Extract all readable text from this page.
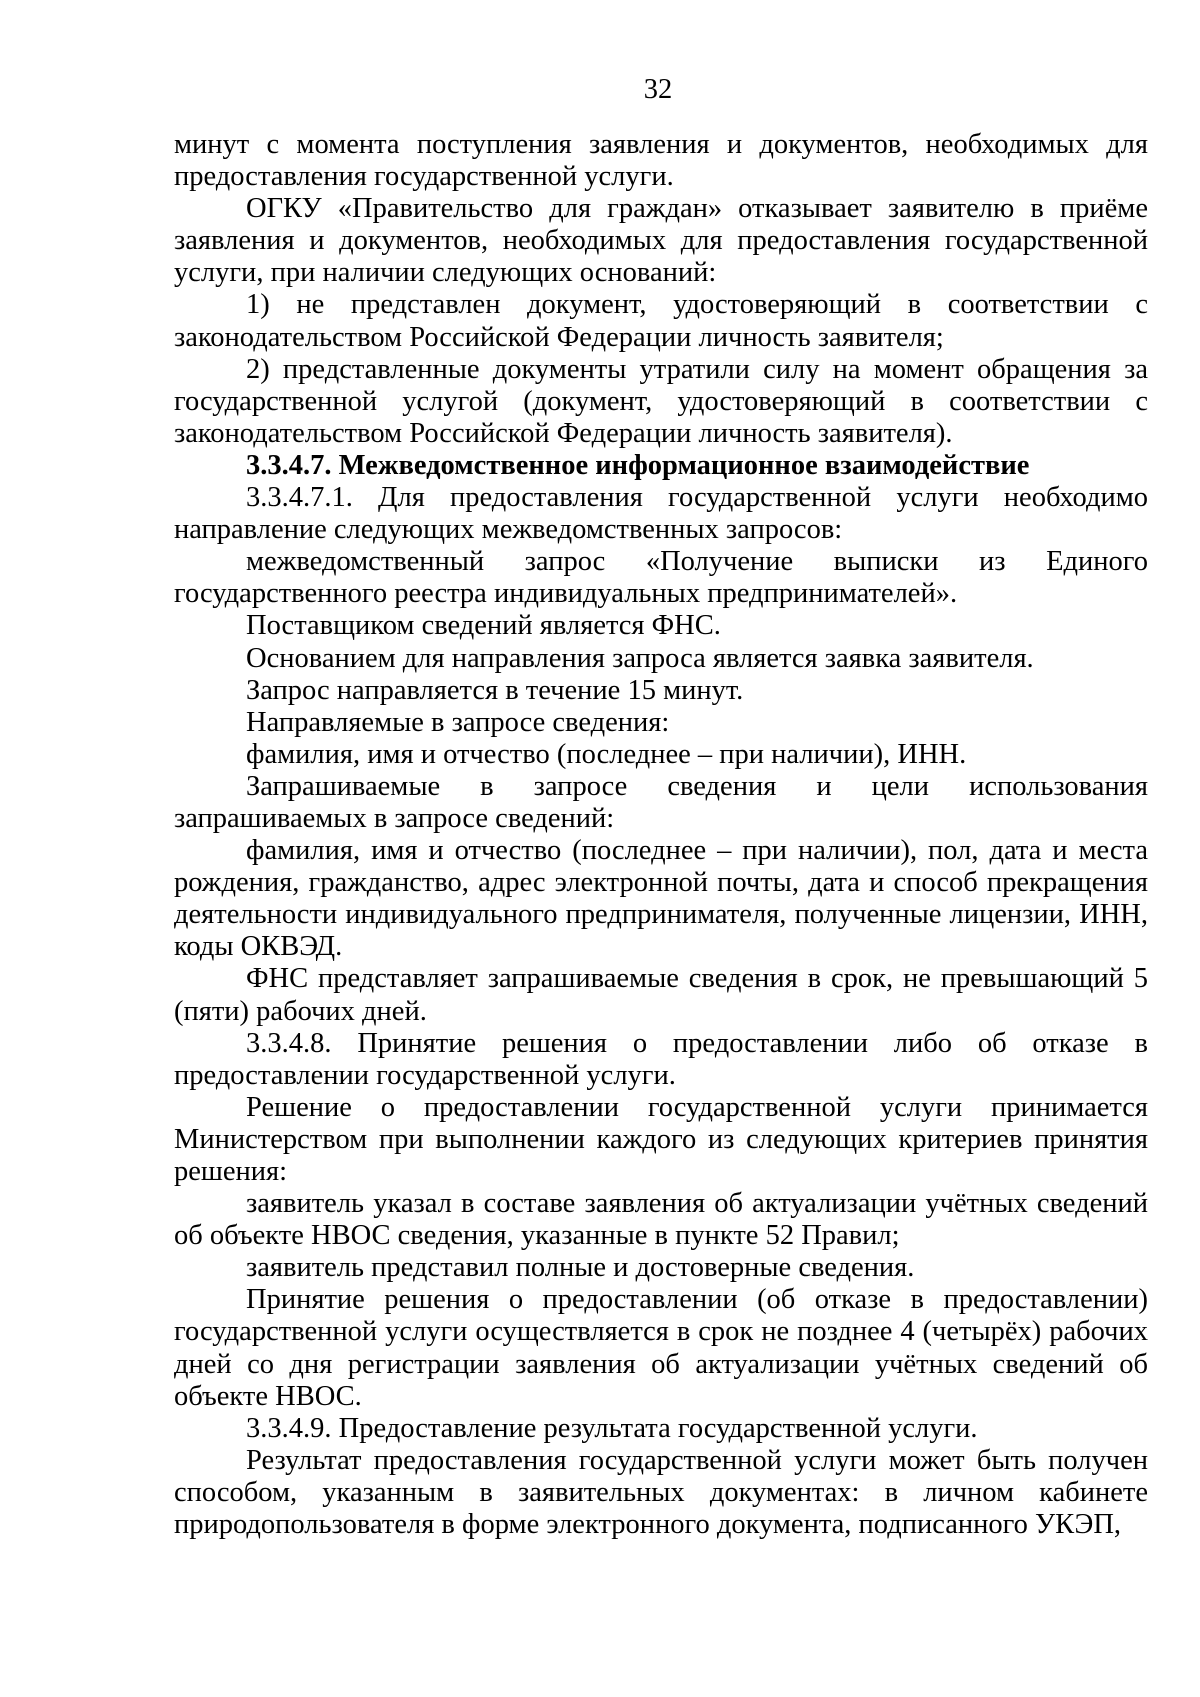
32

минут с момента поступления заявления и документов, необходимых для предоставления государственной услуги.

ОГКУ «Правительство для граждан» отказывает заявителю в приёме заявления и документов, необходимых для предоставления государственной услуги, при наличии следующих оснований:

1) не представлен документ, удостоверяющий в соответствии с законодательством Российской Федерации личность заявителя;

2) представленные документы утратили силу на момент обращения за государственной услугой (документ, удостоверяющий в соответствии с законодательством Российской Федерации личность заявителя).

3.3.4.7. Межведомственное информационное взаимодействие

3.3.4.7.1. Для предоставления государственной услуги необходимо направление следующих межведомственных запросов:

межведомственный запрос «Получение выписки из Единого государственного реестра индивидуальных предпринимателей».

Поставщиком сведений является ФНС.

Основанием для направления запроса является заявка заявителя.

Запрос направляется в течение 15 минут.

Направляемые в запросе сведения:

фамилия, имя и отчество (последнее – при наличии), ИНН.

Запрашиваемые в запросе сведения и цели использования запрашиваемых в запросе сведений:

фамилия, имя и отчество (последнее – при наличии), пол, дата и места рождения, гражданство, адрес электронной почты, дата и способ прекращения деятельности индивидуального предпринимателя, полученные лицензии, ИНН, коды ОКВЭД.

ФНС представляет запрашиваемые сведения в срок, не превышающий 5 (пяти) рабочих дней.

3.3.4.8. Принятие решения о предоставлении либо об отказе в предоставлении государственной услуги.

Решение о предоставлении государственной услуги принимается Министерством при выполнении каждого из следующих критериев принятия решения:

заявитель указал в составе заявления об актуализации учётных сведений об объекте НВОС сведения, указанные в пункте 52 Правил;

заявитель представил полные и достоверные сведения.

Принятие решения о предоставлении (об отказе в предоставлении) государственной услуги осуществляется в срок не позднее 4 (четырёх) рабочих дней со дня регистрации заявления об актуализации учётных сведений об объекте НВОС.

3.3.4.9. Предоставление результата государственной услуги.

Результат предоставления государственной услуги может быть получен способом, указанным в заявительных документах: в личном кабинете природопользователя в форме электронного документа, подписанного УКЭП,
